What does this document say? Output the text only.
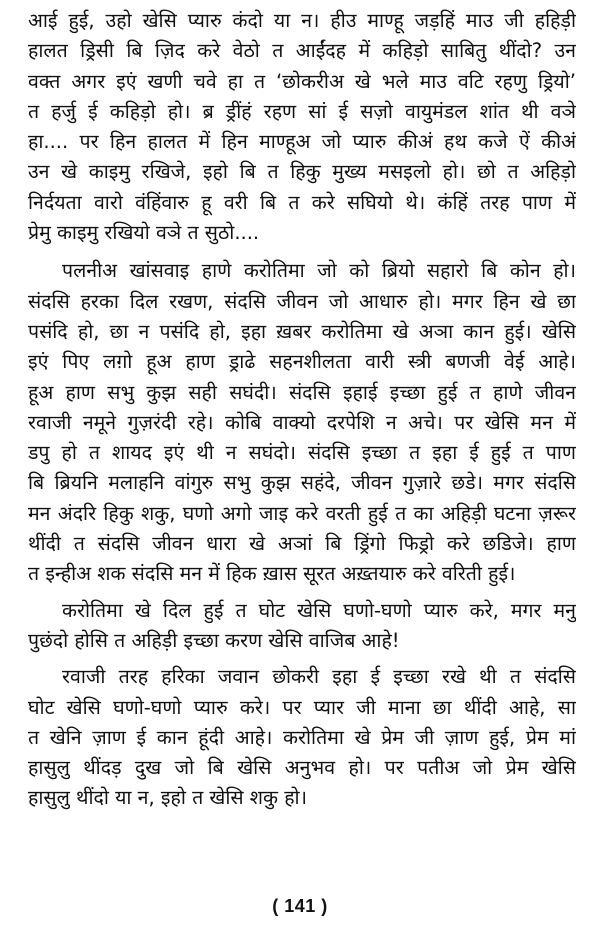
आई हुई, उहो खेसि प्यारु कंदो या न। हीउ माण्हू जड़हिं माउ जी हहिड़ी
हालत ड्रिसी बि ज़िद करे वेठो त आईंदह में कहिड़ो साबितु थींदो? उन
वक्त अगर इएं खणी चवे हा त ‘छोकरीअ खे भले माउ वटि रहणु ड्रियो’
त हर्जु ई कहिड़ो हो। ब्र ड्रींहं रहण सां ई सज़ो वायुमंडल शांत थी वञे
हा.... पर हिन हालत में हिन माण्हूअ जो प्यारु कीअं हथ कजे ऐं कीअं
उन खे काइमु रखिजे, इहो बि त हिकु मुख्य मसइलो हो। छो त अहिड़ो
निर्दयता वारो वंहिंवारु हू वरी बि त करे सघियो थे। कंहिं तरह पाण में
प्रेमु काइमु रखियो वञे त सुठो....
पलनीअ खांसवाइ हाणे करोतिमा जो को ब्रियो सहारो बि कोन हो।
संदसि हरका दिल रखण, संदसि जीवन जो आधारु हो। मगर हिन खे छा
पसंदि हो, छा न पसंदि हो, इहा ख़बर करोतिमा खे अञा कान हुई। खेसि
इएं पिए लग़ो हूअ हाण ड्राढे सहनशीलता वारी स्त्री बणजी वेई आहे।
हूअ हाण सभु कुझ सही सघंदी। संदसि इहाई इच्छा हुई त हाणे जीवन
रवाजी नमूने गुज़रंदी रहे। कोबि वाक्यो दरपेशि न अचे। पर खेसि मन में
डपु हो त शायद इएं थी न सघंदो। संदसि इच्छा त इहा ई हुई त पाण
बि ब्रियनि मलाहनि वांगुरु सभु कुझ सहंदे, जीवन गुज़ारे छडे। मगर संदसि
मन अंदरि हिकु शकु, घणो अगो जाइ करे वरती हुई त का अहिड़ी घटना ज़रूर
थींदी त संदसि जीवन धारा खे अञां बि ड्रिंगो फिड्रो करे छडिजे। हाण
त इन्हीअ शक संदसि मन में हिक ख़ास सूरत अख़्तयारु करे वरिती हुई।
करोतिमा खे दिल हुई त घोट खेसि घणो-घणो प्यारु करे, मगर मनु
पुछंदो होसि त अहिड़ी इच्छा करण खेसि वाजिब आहे!
रवाजी तरह हरिका जवान छोकरी इहा ई इच्छा रखे थी त संदसि
घोट खेसि घणो-घणो प्यारु करे। पर प्यार जी माना छा थींदी आहे, सा
त खेनि ज़ाण ई कान हूंदी आहे। करोतिमा खे प्रेम जी ज़ाण हुई, प्रेम मां
हासुलु थींदड़ दुख जो बि खेसि अनुभव हो। पर पतीअ जो प्रेम खेसि
हासुलु थींदो या न, इहो त खेसि शकु हो।
( 141 )
